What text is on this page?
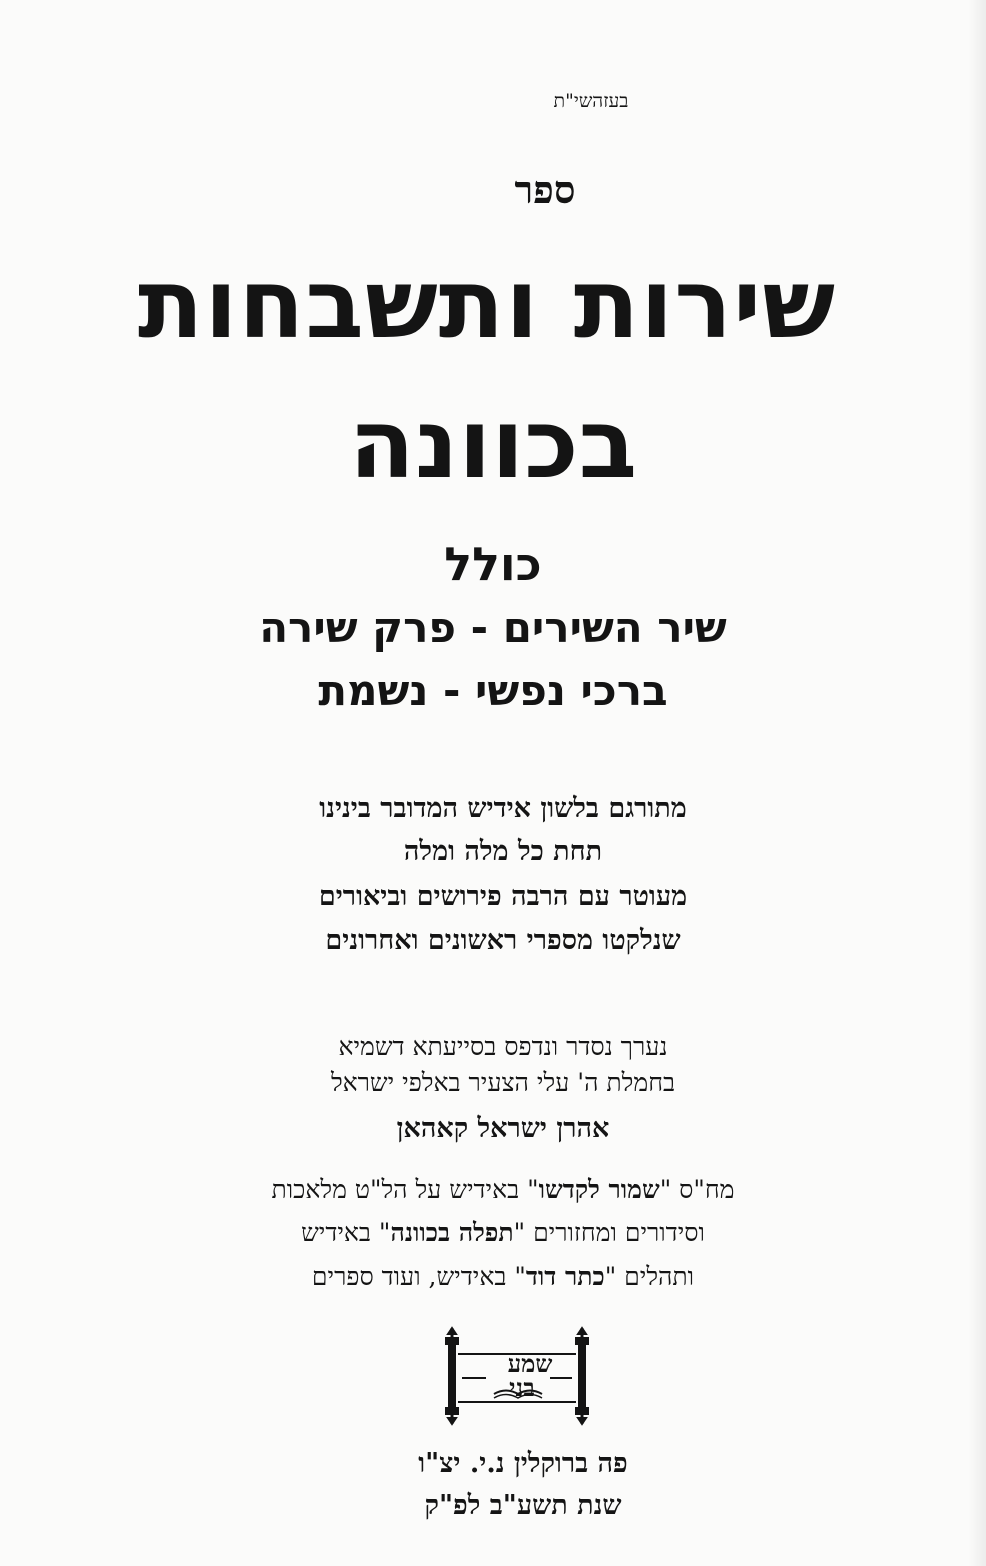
בעזהשי"ת
ספר
שירות ותשבחות
בכוונה
כולל
שיר השירים - פרק שירה
ברכי נפשי - נשמת
מתורגם בלשון אידיש המדובר בינינו
תחת כל מלה ומלה
מעוטר עם הרבה פירושים וביאורים
שנלקטו מספרי ראשונים ואחרונים
נערך נסדר ונדפס בסייעתא דשמיא
בחמלת ה' עלי הצעיר באלפי ישראל
אהרן ישראל קאהאן
מח"ס "שמור לקדשו" באידיש על הל"ט מלאכות
וסידורים ומחזורים "תפלה בכוונה" באידיש
ותהלים "כתר דוד" באידיש, ועוד ספרים
שמע
בני
פה ברוקלין נ.י. יצ"ו
שנת תשע"ב לפ"ק
